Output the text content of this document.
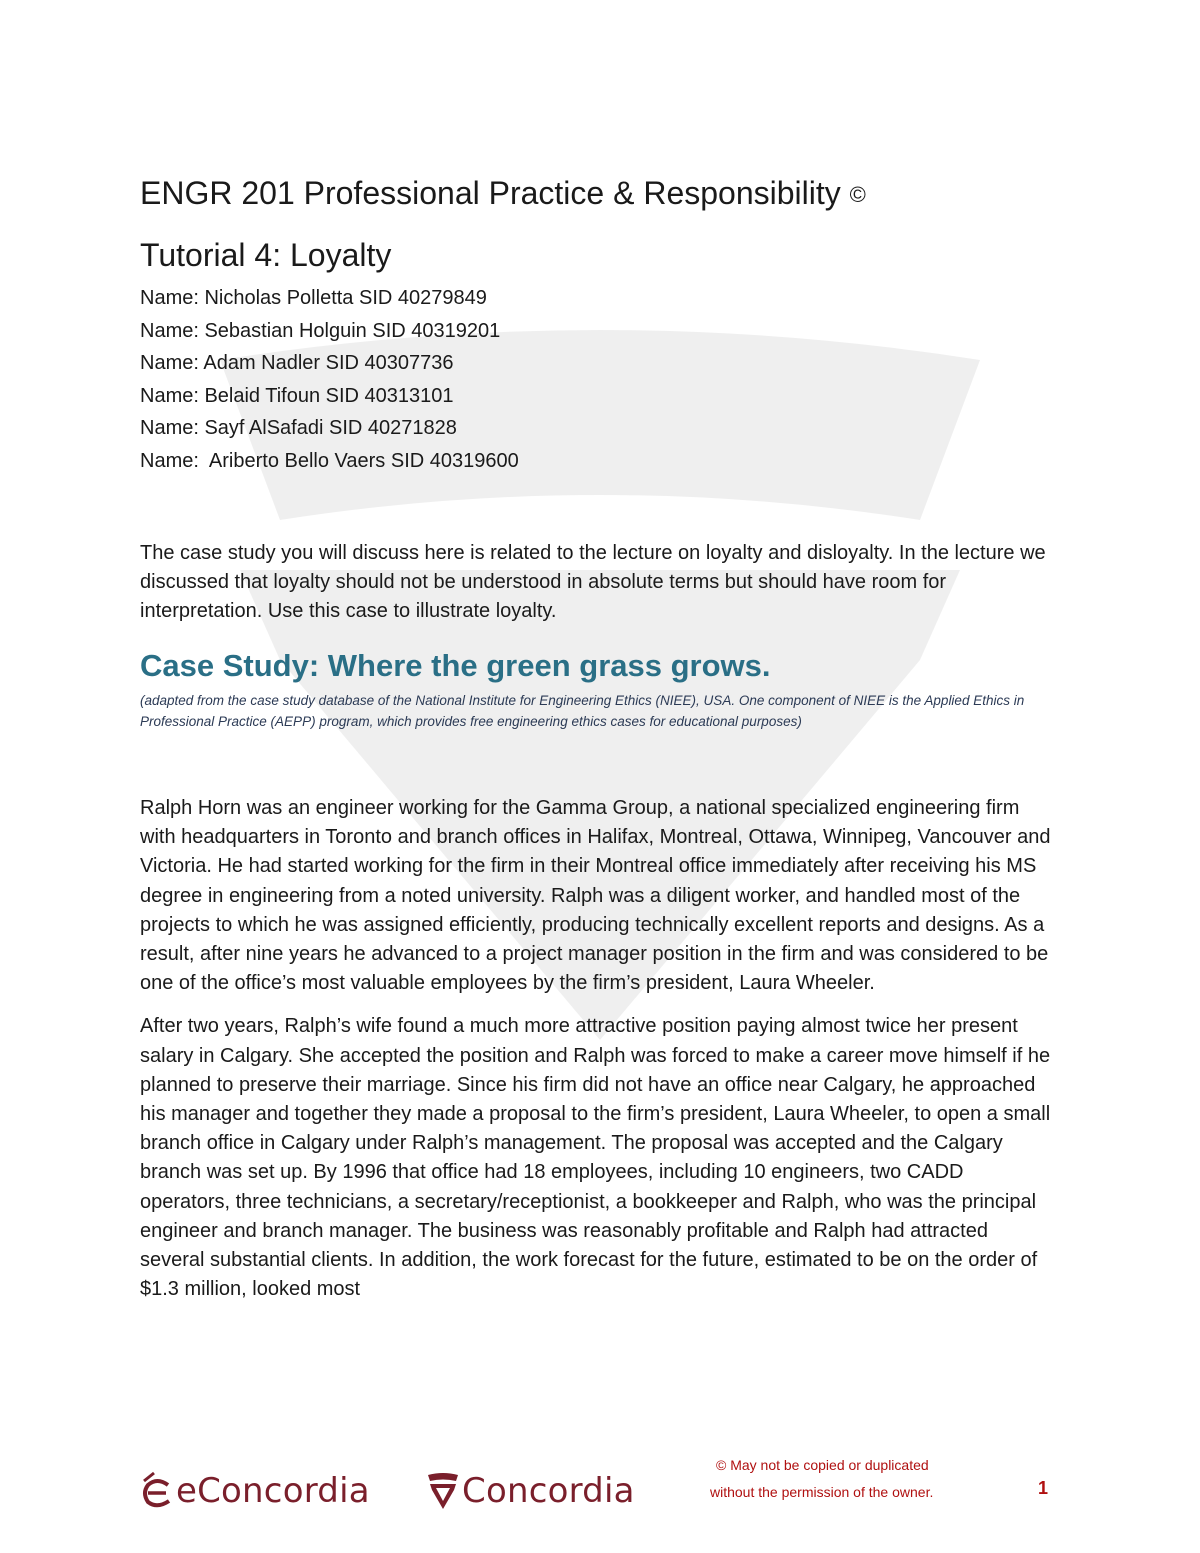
ENGR 201 Professional Practice & Responsibility ©
Tutorial 4: Loyalty
Name: Nicholas Polletta SID 40279849
Name: Sebastian Holguin SID 40319201
Name: Adam Nadler SID 40307736
Name: Belaid Tifoun SID 40313101
Name: Sayf AlSafadi SID 40271828
Name:  Ariberto Bello Vaers SID 40319600

The case study you will discuss here is related to the lecture on loyalty and disloyalty. In the lecture we discussed that loyalty should not be understood in absolute terms but should have room for interpretation. Use this case to illustrate loyalty.

Case Study: Where the green grass grows.

(adapted from the case study database of the National Institute for Engineering Ethics (NIEE), USA. One component of NIEE is the Applied Ethics in Professional Practice (AEPP) program, which provides free engineering ethics cases for educational purposes)

Ralph Horn was an engineer working for the Gamma Group, a national specialized engineering firm with headquarters in Toronto and branch offices in Halifax, Montreal, Ottawa, Winnipeg, Vancouver and Victoria. He had started working for the firm in their Montreal office immediately after receiving his MS degree in engineering from a noted university. Ralph was a diligent worker, and handled most of the projects to which he was assigned efficiently, producing technically excellent reports and designs. As a result, after nine years he advanced to a project manager position in the firm and was considered to be one of the office’s most valuable employees by the firm’s president, Laura Wheeler.

After two years, Ralph’s wife found a much more attractive position paying almost twice her present salary in Calgary. She accepted the position and Ralph was forced to make a career move himself if he planned to preserve their marriage. Since his firm did not have an office near Calgary, he approached his manager and together they made a proposal to the firm’s president, Laura Wheeler, to open a small branch office in Calgary under Ralph’s management. The proposal was accepted and the Calgary branch was set up. By 1996 that office had 18 employees, including 10 engineers, two CADD operators, three technicians, a secretary/receptionist, a bookkeeper and Ralph, who was the principal engineer and branch manager. The business was reasonably profitable and Ralph had attracted several substantial clients. In addition, the work forecast for the future, estimated to be on the order of $1.3 million, looked most

eConcordia	Concordia
© May not be copied or duplicated
without the permission of the owner.	1
